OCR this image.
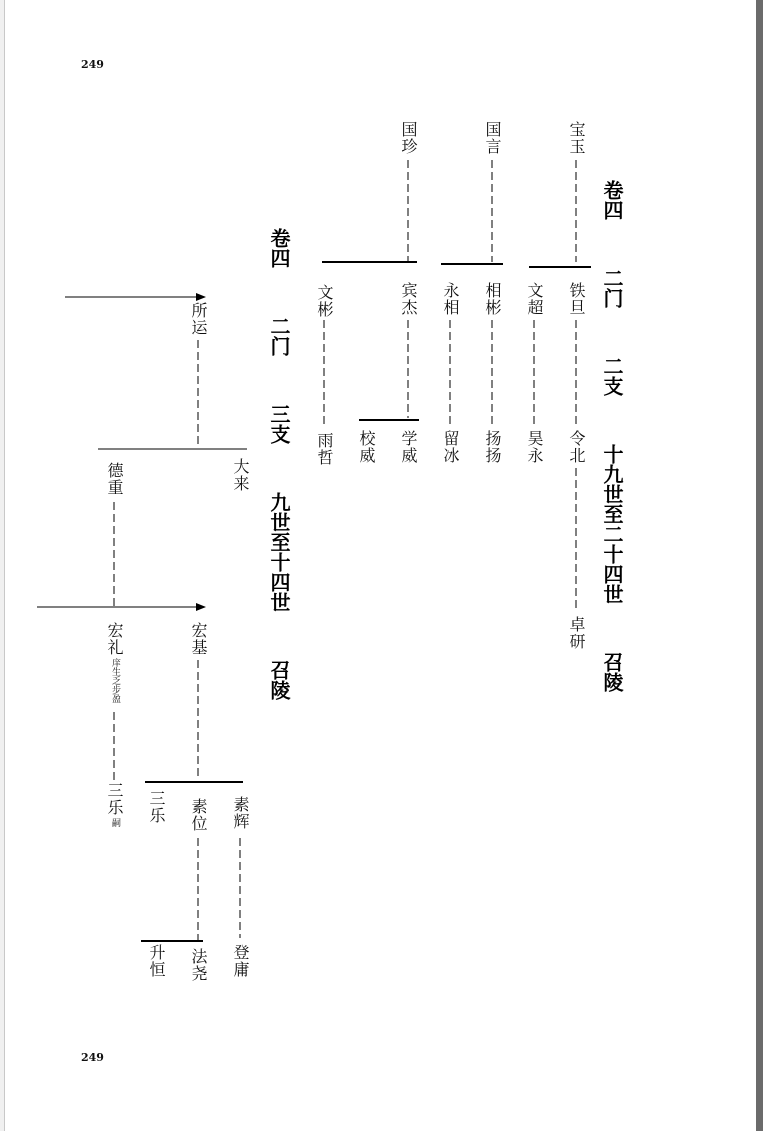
249
249
卷四  二门  二支  十九世至二十四世  召陵
卷四  二门  三支  九世至十四世  召陵
宝玉
国言
国珍
铁旦
文超
相彬
永相
宾杰
文彬
令北
昊永
扬扬
留冰
学威
校威
雨哲
卓研
所运
大来
德重
宏基
宏礼
庠生乏步盈
三乐
嗣 三乐 素位 素辉
升恒 法尧 登庸
